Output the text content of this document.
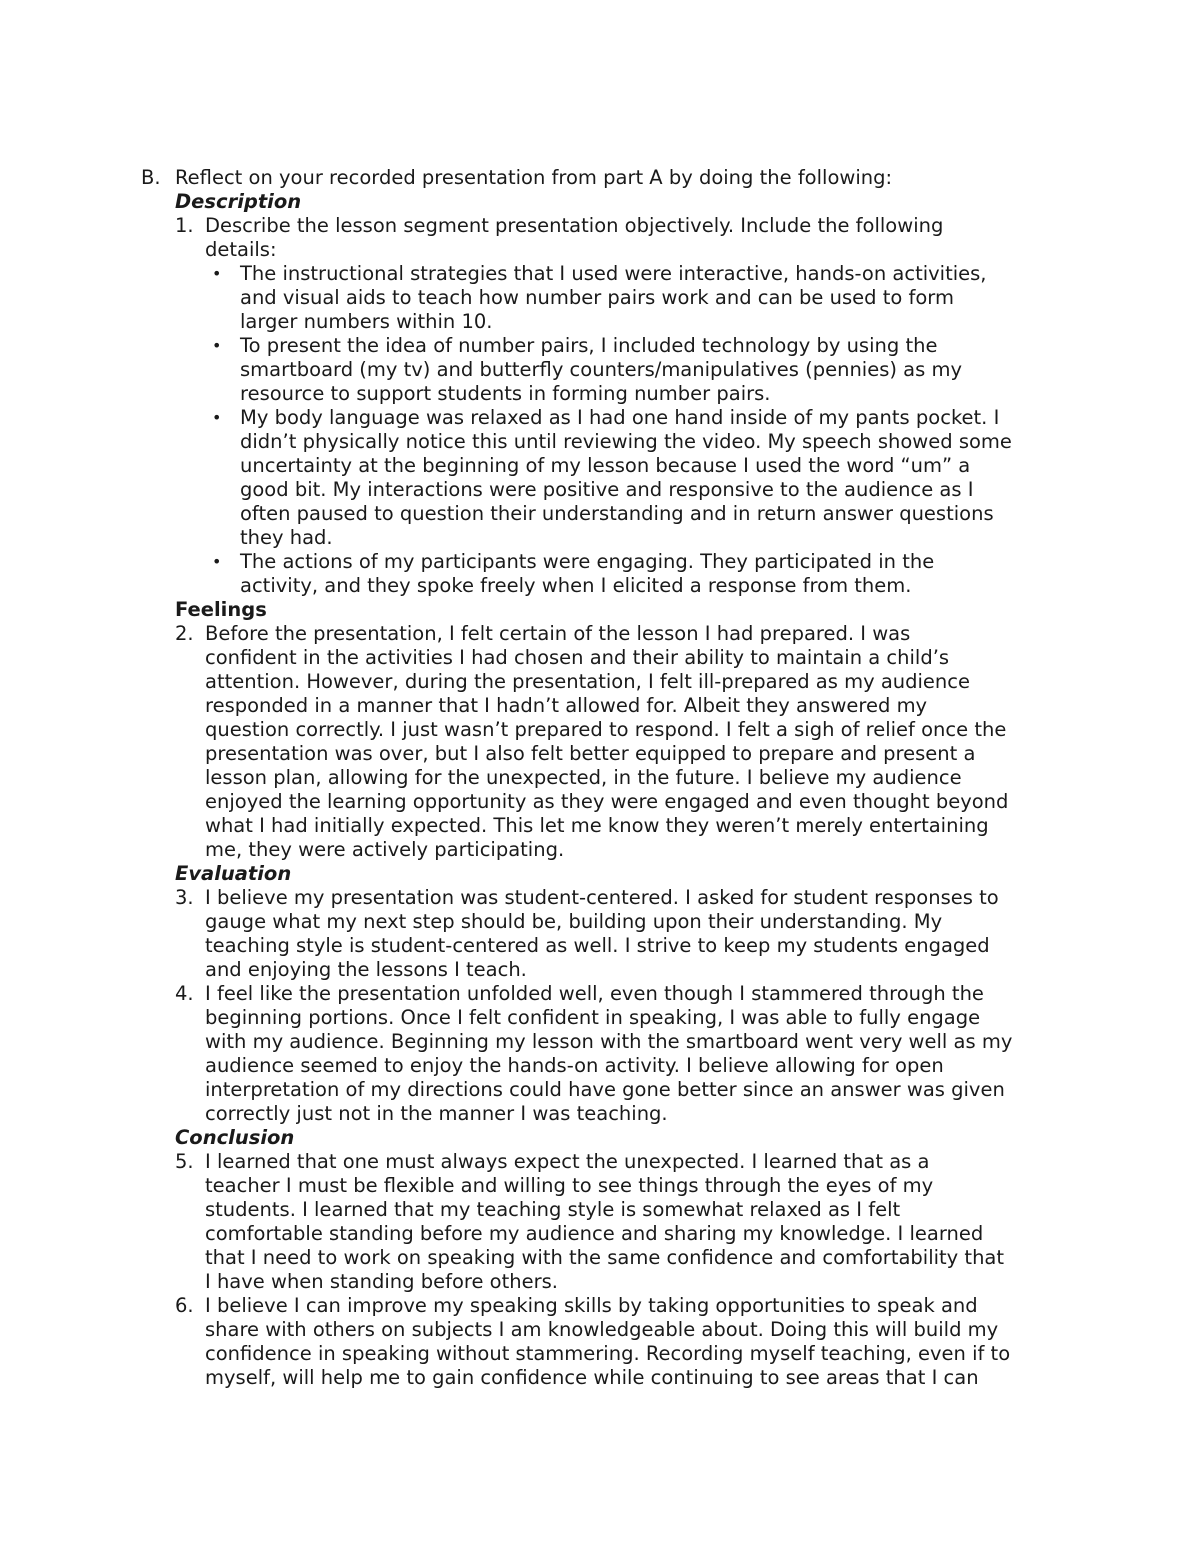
B. Reflect on your recorded presentation from part A by doing the following:
Description
1. Describe the lesson segment presentation objectively. Include the following
details:
• The instructional strategies that I used were interactive, hands-on activities,
and visual aids to teach how number pairs work and can be used to form
larger numbers within 10.
• To present the idea of number pairs, I included technology by using the
smartboard (my tv) and butterfly counters/manipulatives (pennies) as my
resource to support students in forming number pairs.
• My body language was relaxed as I had one hand inside of my pants pocket. I
didn’t physically notice this until reviewing the video. My speech showed some
uncertainty at the beginning of my lesson because I used the word “um” a
good bit. My interactions were positive and responsive to the audience as I
often paused to question their understanding and in return answer questions
they had.
• The actions of my participants were engaging. They participated in the
activity, and they spoke freely when I elicited a response from them.
Feelings
2. Before the presentation, I felt certain of the lesson I had prepared. I was
confident in the activities I had chosen and their ability to maintain a child’s
attention. However, during the presentation, I felt ill-prepared as my audience
responded in a manner that I hadn’t allowed for. Albeit they answered my
question correctly. I just wasn’t prepared to respond. I felt a sigh of relief once the
presentation was over, but I also felt better equipped to prepare and present a
lesson plan, allowing for the unexpected, in the future. I believe my audience
enjoyed the learning opportunity as they were engaged and even thought beyond
what I had initially expected. This let me know they weren’t merely entertaining
me, they were actively participating.
Evaluation
3. I believe my presentation was student-centered. I asked for student responses to
gauge what my next step should be, building upon their understanding. My
teaching style is student-centered as well. I strive to keep my students engaged
and enjoying the lessons I teach.
4. I feel like the presentation unfolded well, even though I stammered through the
beginning portions. Once I felt confident in speaking, I was able to fully engage
with my audience. Beginning my lesson with the smartboard went very well as my
audience seemed to enjoy the hands-on activity. I believe allowing for open
interpretation of my directions could have gone better since an answer was given
correctly just not in the manner I was teaching.
Conclusion
5. I learned that one must always expect the unexpected. I learned that as a
teacher I must be flexible and willing to see things through the eyes of my
students. I learned that my teaching style is somewhat relaxed as I felt
comfortable standing before my audience and sharing my knowledge. I learned
that I need to work on speaking with the same confidence and comfortability that
I have when standing before others.
6. I believe I can improve my speaking skills by taking opportunities to speak and
share with others on subjects I am knowledgeable about. Doing this will build my
confidence in speaking without stammering. Recording myself teaching, even if to
myself, will help me to gain confidence while continuing to see areas that I can
